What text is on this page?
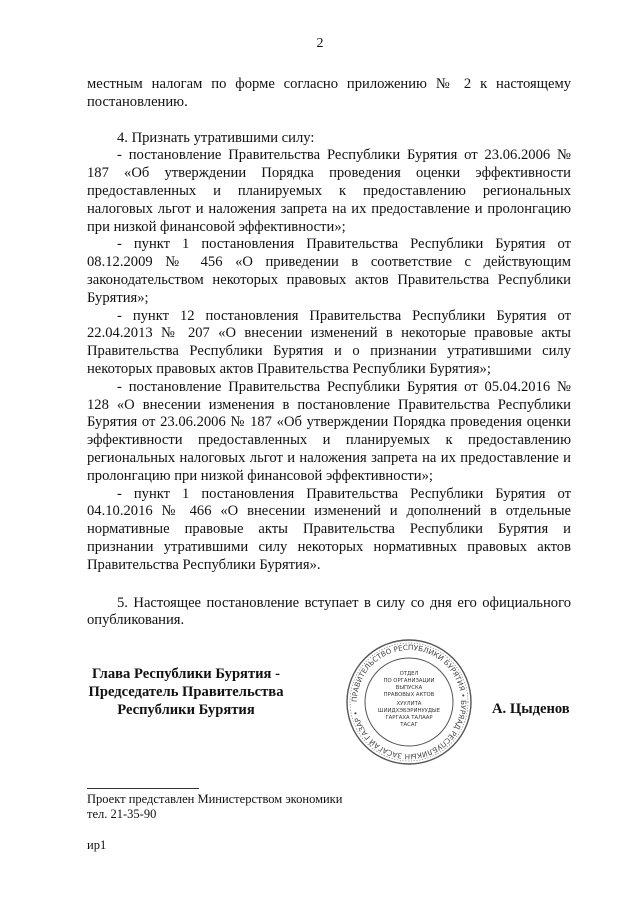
2

местным налогам по форме согласно приложению № 2 к настоящему постановлению.

4. Признать утратившими силу:

- постановление Правительства Республики Бурятия от 23.06.2006 № 187 «Об утверждении Порядка проведения оценки эффективности предоставленных и планируемых к предоставлению региональных налоговых льгот и наложения запрета на их предоставление и пролонгацию при низкой финансовой эффективности»;

- пункт 1 постановления Правительства Республики Бурятия от 08.12.2009 № 456 «О приведении в соответствие с действующим законодательством некоторых правовых актов Правительства Республики Бурятия»;

- пункт 12 постановления Правительства Республики Бурятия от 22.04.2013 № 207 «О внесении изменений в некоторые правовые акты Правительства Республики Бурятия и о признании утратившими силу некоторых правовых актов Правительства Республики Бурятия»;

- постановление Правительства Республики Бурятия от 05.04.2016 № 128 «О внесении изменения в постановление Правительства Республики Бурятия от 23.06.2006 № 187 «Об утверждении Порядка проведения оценки эффективности предоставленных и планируемых к предоставлению региональных налоговых льгот и наложения запрета на их предоставление и пролонгацию при низкой финансовой эффективности»;

- пункт 1 постановления Правительства Республики Бурятия от 04.10.2016 № 466 «О внесении изменений и дополнений в отдельные нормативные правовые акты Правительства Республики Бурятия и признании утратившими силу некоторых нормативных правовых актов Правительства Республики Бурятия».

5. Настоящее постановление вступает в силу со дня его официального опубликования.

Глава Республики Бурятия -
Председатель Правительства
Республики Бурятия
ПРАВИТЕЛЬСТВО РЕСПУБЛИКИ БУРЯТИЯ • БУРЯАД РЕСПУБЛИКЫН ЗАСАГАЙ ГАЗАР •
ОТДЕЛ
ПО ОРГАНИЗАЦИИ
ВЫПУСКА
ПРАВОВЫХ АКТОВ
ХУУЛИТА
ШИИДХЭБЭРИНУУДЫЕ
ГАРГАХА ТАЛААР
ТАСАГ
А. Цыденов
Проект представлен Министерством экономики
тел. 21-35-90
ир1
